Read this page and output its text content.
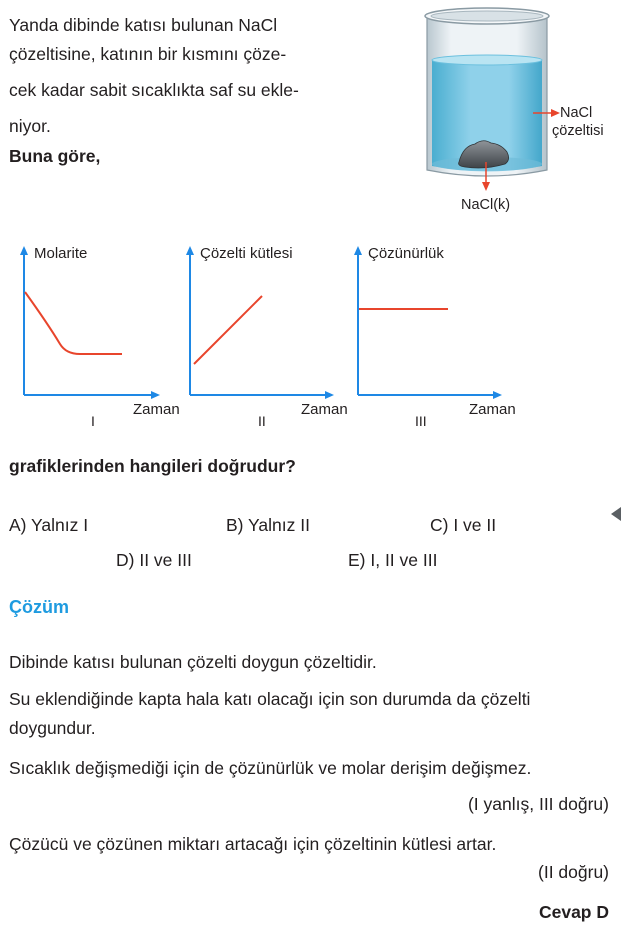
Yanda dibinde katısı bulunan NaCl
çözeltisine, katının bir kısmını çöze-
cek kadar sabit sıcaklıkta saf su ekle-
niyor.
Buna göre,
NaCl
çözeltisi
NaCl(k)
Molarite
Zaman
I
Çözelti kütlesi
Zaman
II
Çözünürlük
Zaman
III
grafiklerinden hangileri doğrudur?
A) Yalnız I	B) Yalnız II	C) I ve II
D) II ve III	E) I, II ve III
Çözüm
Dibinde katısı bulunan çözelti doygun çözeltidir.
Su eklendiğinde kapta hala katı olacağı için son durumda da çözelti
doygundur.
Sıcaklık değişmediği için de çözünürlük ve molar derişim değişmez.
(I yanlış, III doğru)
Çözücü ve çözünen miktarı artacağı için çözeltinin kütlesi artar.
(II doğru)
Cevap D
